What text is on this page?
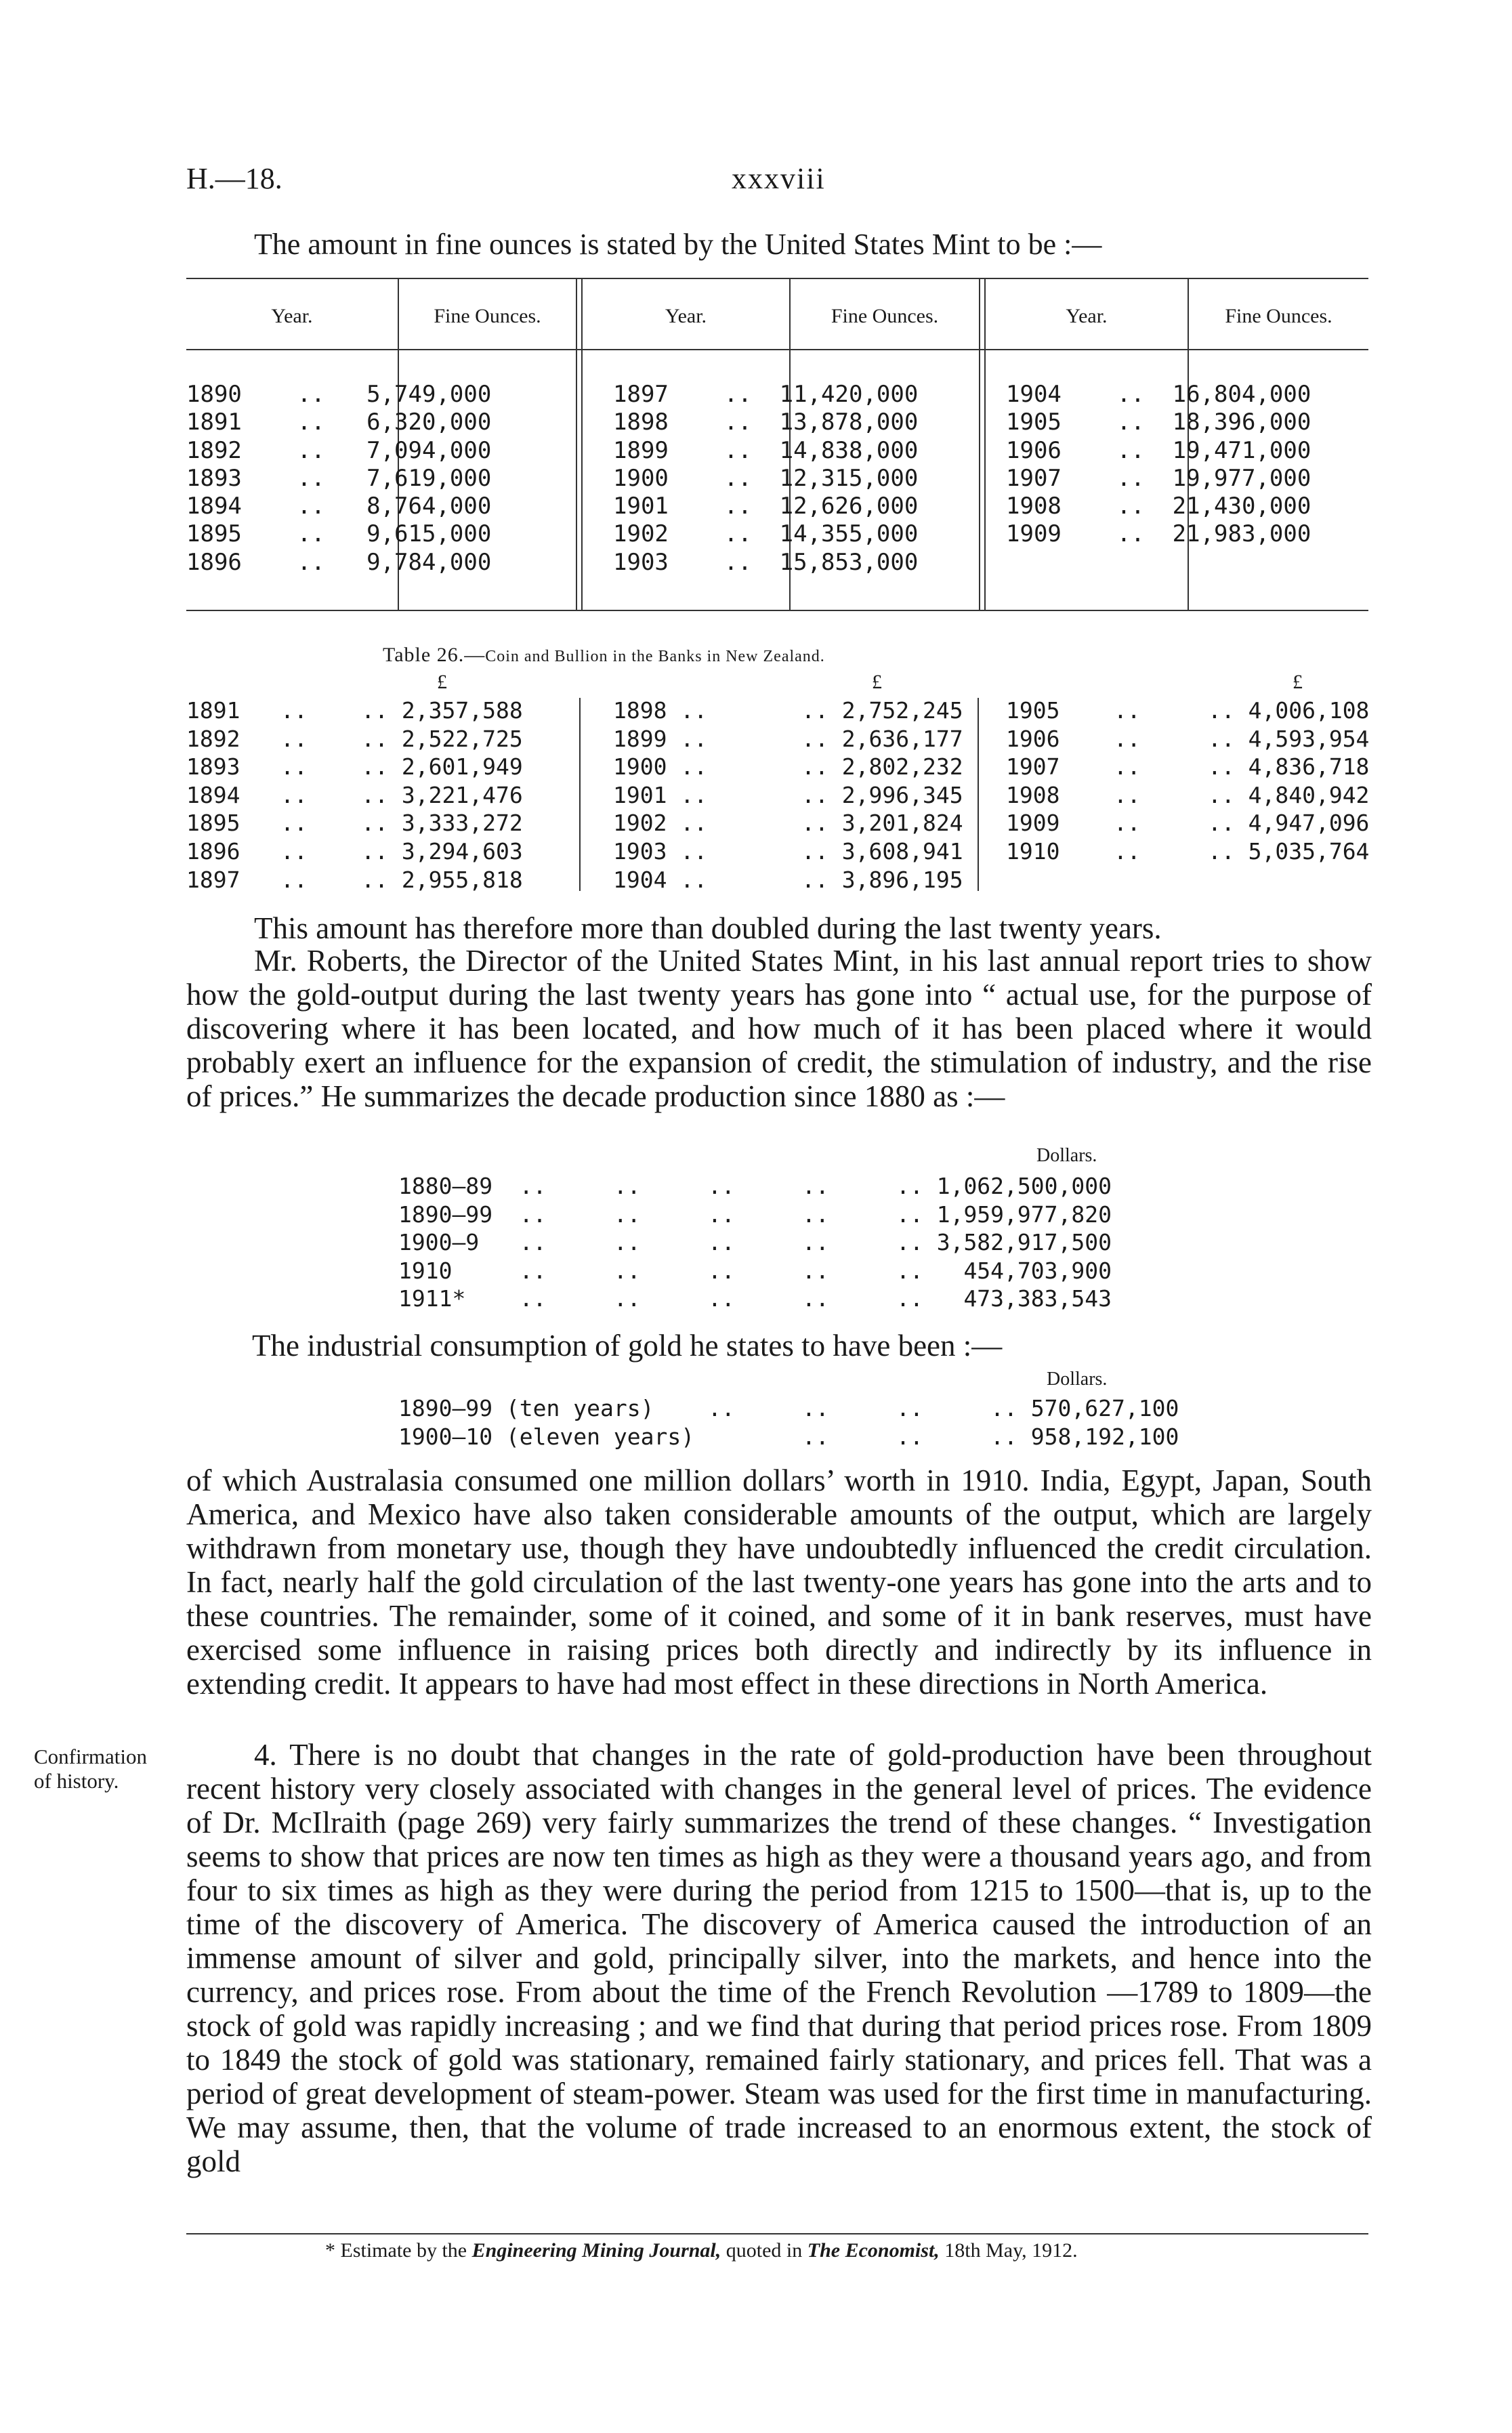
H.—18.	xxxviii
The amount in fine ounces is stated by the United States Mint to be :—
Year.	Fine Ounces.	Year.	Fine Ounces.	Year.	Fine Ounces.
1890    ..   5,749,000
1891    ..   6,320,000
1892    ..   7,094,000
1893    ..   7,619,000
1894    ..   8,764,000
1895    ..   9,615,000
1896    ..   9,784,000
1897    ..  11,420,000
1898    ..  13,878,000
1899    ..  14,838,000
1900    ..  12,315,000
1901    ..  12,626,000
1902    ..  14,355,000
1903    ..  15,853,000
1904    ..  16,804,000
1905    ..  18,396,000
1906    ..  19,471,000
1907    ..  19,977,000
1908    ..  21,430,000
1909    ..  21,983,000
Table 26.—Coin and Bullion in the Banks in New Zealand.
£	£	£
1891   ..    .. 2,357,588
1892   ..    .. 2,522,725
1893   ..    .. 2,601,949
1894   ..    .. 3,221,476
1895   ..    .. 3,333,272
1896   ..    .. 3,294,603
1897   ..    .. 2,955,818
1898 ..       .. 2,752,245
1899 ..       .. 2,636,177
1900 ..       .. 2,802,232
1901 ..       .. 2,996,345
1902 ..       .. 3,201,824
1903 ..       .. 3,608,941
1904 ..       .. 3,896,195
1905    ..     .. 4,006,108
1906    ..     .. 4,593,954
1907    ..     .. 4,836,718
1908    ..     .. 4,840,942
1909    ..     .. 4,947,096
1910    ..     .. 5,035,764
This amount has therefore more than doubled during the last twenty years.
Mr. Roberts, the Director of the United States Mint, in his last annual report tries to show how the gold-output during the last twenty years has gone into “ actual use, for the purpose of discovering where it has been located, and how much of it has been placed where it would probably exert an influence for the expansion of credit, the stimulation of industry, and the rise of prices.” He summarizes the decade production since 1880 as :—
Dollars.
1880–89  ..     ..     ..     ..     .. 1,062,500,000
1890–99  ..     ..     ..     ..     .. 1,959,977,820
1900–9   ..     ..     ..     ..     .. 3,582,917,500
1910     ..     ..     ..     ..     ..   454,703,900
1911*    ..     ..     ..     ..     ..   473,383,543
The industrial consumption of gold he states to have been :—
Dollars.
1890–99 (ten years)    ..     ..     ..     .. 570,627,100
1900–10 (eleven years)        ..     ..     .. 958,192,100
of which Australasia consumed one million dollars’ worth in 1910. India, Egypt, Japan, South America, and Mexico have also taken considerable amounts of the output, which are largely withdrawn from monetary use, though they have undoubtedly influenced the credit circulation. In fact, nearly half the gold circulation of the last twenty-one years has gone into the arts and to these countries. The remainder, some of it coined, and some of it in bank reserves, must have exercised some influence in raising prices both directly and indirectly by its influence in extending credit. It appears to have had most effect in these directions in North America.
Confirmation
of history.
4. There is no doubt that changes in the rate of gold-production have been throughout recent history very closely associated with changes in the general level of prices. The evidence of Dr. McIlraith (page 269) very fairly summarizes the trend of these changes. “ Investigation seems to show that prices are now ten times as high as they were a thousand years ago, and from four to six times as high as they were during the period from 1215 to 1500—that is, up to the time of the discovery of America. The discovery of America caused the introduction of an immense amount of silver and gold, principally silver, into the markets, and hence into the currency, and prices rose. From about the time of the French Revolution —1789 to 1809—the stock of gold was rapidly increasing ; and we find that during that period prices rose. From 1809 to 1849 the stock of gold was stationary, remained fairly stationary, and prices fell. That was a period of great development of steam-power. Steam was used for the first time in manufacturing. We may assume, then, that the volume of trade increased to an enormous extent, the stock of gold
* Estimate by the Engineering Mining Journal, quoted in The Economist, 18th May, 1912.
